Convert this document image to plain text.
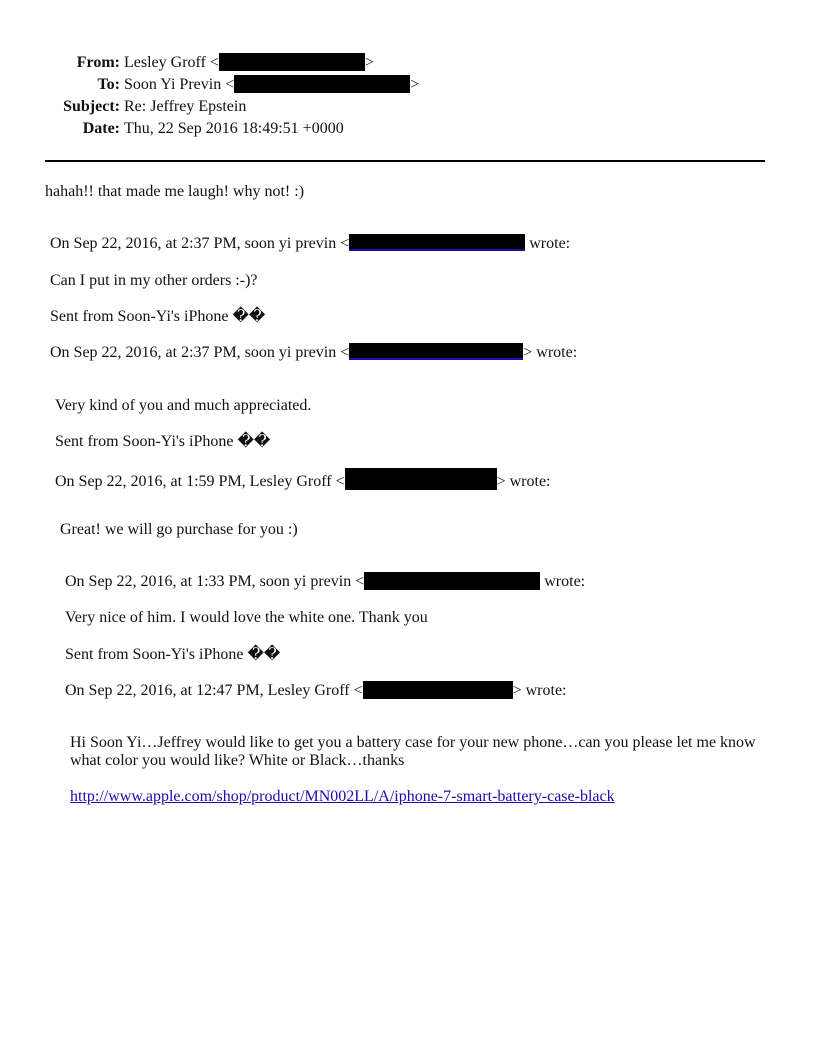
From: Lesley Groff <	>
To: Soon Yi Previn <	>
Subject: Re: Jeffrey Epstein
Date: Thu, 22 Sep 2016 18:49:51 +0000
hahah!! that made me laugh! why not! :)
On Sep 22, 2016, at 2:37 PM, soon yi previn <	wrote:
Can I put in my other orders :-)?
Sent from Soon-Yi's iPhone ��
On Sep 22, 2016, at 2:37 PM, soon yi previn <	> wrote:
Very kind of you and much appreciated.
Sent from Soon-Yi's iPhone ��
On Sep 22, 2016, at 1:59 PM, Lesley Groff <	> wrote:
Great! we will go purchase for you :)
On Sep 22, 2016, at 1:33 PM, soon yi previn <	wrote:
Very nice of him. I would love the white one. Thank you
Sent from Soon-Yi's iPhone ��
On Sep 22, 2016, at 12:47 PM, Lesley Groff <	> wrote:
Hi Soon Yi…Jeffrey would like to get you a battery case for your new phone…can you please let me know what color you would like? White or Black…thanks
http://www.apple.com/shop/product/MN002LL/A/iphone-7-smart-battery-case-black
